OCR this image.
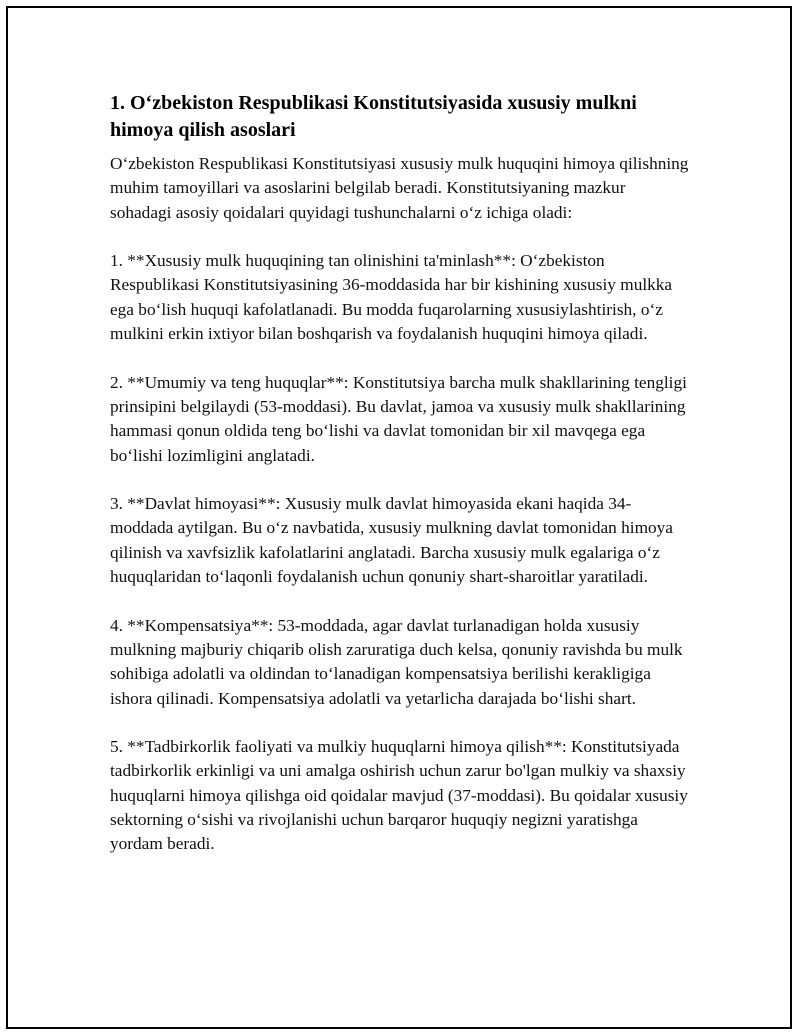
1. O‘zbekiston Respublikasi Konstitutsiyasida xususiy mulkni himoya qilish asoslari

O‘zbekiston Respublikasi Konstitutsiyasi xususiy mulk huquqini himoya qilishning muhim tamoyillari va asoslarini belgilab beradi. Konstitutsiyaning mazkur sohadagi asosiy qoidalari quyidagi tushunchalarni o‘z ichiga oladi:

1. **Xususiy mulk huquqining tan olinishini ta'minlash**: O‘zbekiston Respublikasi Konstitutsiyasining 36-moddasida har bir kishining xususiy mulkka ega bo‘lish huquqi kafolatlanadi. Bu modda fuqarolarning xususiylashtirish, o‘z mulkini erkin ixtiyor bilan boshqarish va foydalanish huquqini himoya qiladi.

2. **Umumiy va teng huquqlar**: Konstitutsiya barcha mulk shakllarining tengligi prinsipini belgilaydi (53-moddasi). Bu davlat, jamoa va xususiy mulk shakllarining hammasi qonun oldida teng bo‘lishi va davlat tomonidan bir xil mavqega ega bo‘lishi lozimligini anglatadi.

3. **Davlat himoyasi**: Xususiy mulk davlat himoyasida ekani haqida 34-moddada aytilgan. Bu o‘z navbatida, xususiy mulkning davlat tomonidan himoya qilinish va xavfsizlik kafolatlarini anglatadi. Barcha xususiy mulk egalariga o‘z huquqlaridan to‘laqonli foydalanish uchun qonuniy shart-sharoitlar yaratiladi.

4. **Kompensatsiya**: 53-moddada, agar davlat turlanadigan holda xususiy mulkning majburiy chiqarib olish zaruratiga duch kelsa, qonuniy ravishda bu mulk sohibiga adolatli va oldindan to‘lanadigan kompensatsiya berilishi kerakligiga ishora qilinadi. Kompensatsiya adolatli va yetarlicha darajada bo‘lishi shart.

5. **Tadbirkorlik faoliyati va mulkiy huquqlarni himoya qilish**: Konstitutsiyada tadbirkorlik erkinligi va uni amalga oshirish uchun zarur bo'lgan mulkiy va shaxsiy huquqlarni himoya qilishga oid qoidalar mavjud (37-moddasi). Bu qoidalar xususiy sektorning o‘sishi va rivojlanishi uchun barqaror huquqiy negizni yaratishga yordam beradi.
